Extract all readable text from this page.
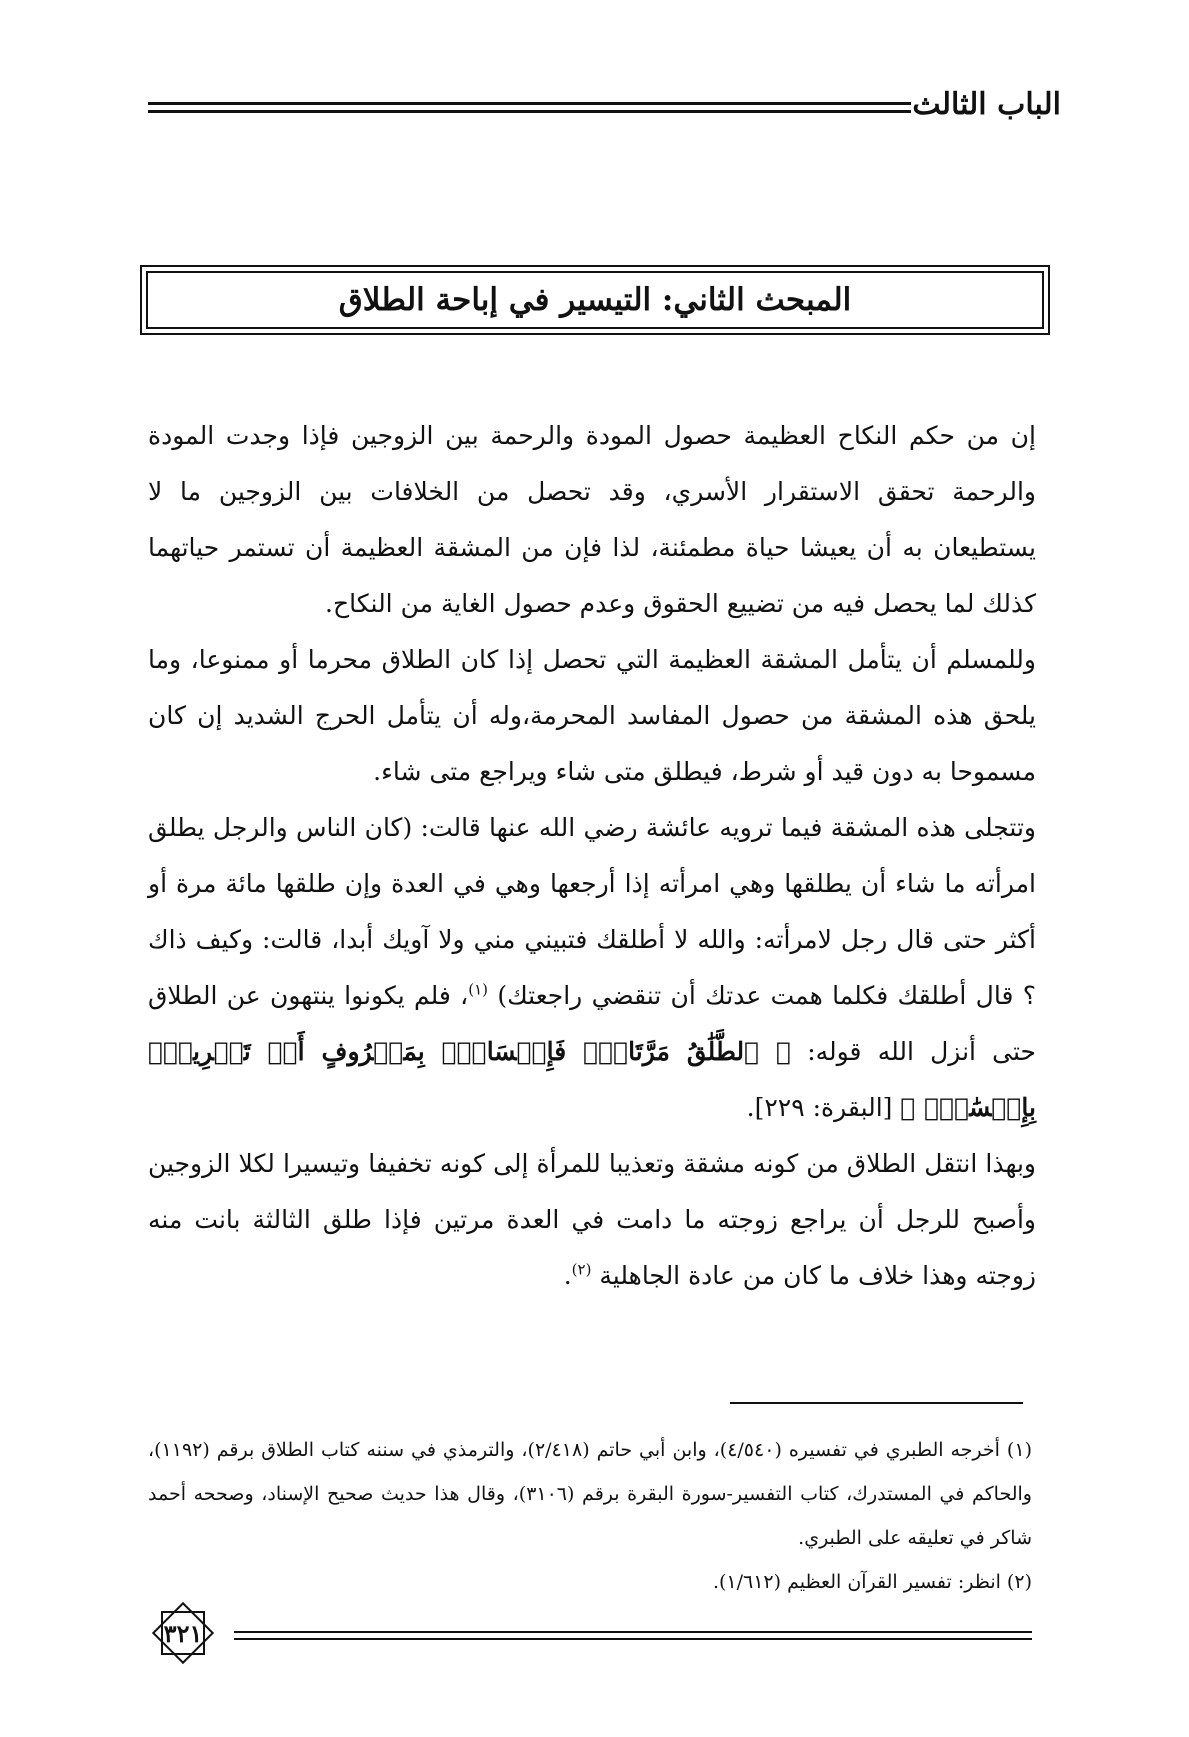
الباب الثالث
المبحث الثاني: التيسير في إباحة الطلاق

إن من حكم النكاح العظيمة حصول المودة والرحمة بين الزوجين فإذا وجدت المودة والرحمة تحقق الاستقرار الأسري، وقد تحصل من الخلافات بين الزوجين ما لا يستطيعان به أن يعيشا حياة مطمئنة، لذا فإن من المشقة العظيمة أن تستمر حياتهما كذلك لما يحصل فيه من تضييع الحقوق وعدم حصول الغاية من النكاح.

وللمسلم أن يتأمل المشقة العظيمة التي تحصل إذا كان الطلاق محرما أو ممنوعا، وما يلحق هذه المشقة من حصول المفاسد المحرمة،وله أن يتأمل الحرج الشديد إن كان مسموحا به دون قيد أو شرط، فيطلق متى شاء ويراجع متى شاء.

وتتجلى هذه المشقة فيما ترويه عائشة رضي الله عنها قالت: (كان الناس والرجل يطلق امرأته ما شاء أن يطلقها وهي امرأته إذا أرجعها وهي في العدة وإن طلقها مائة مرة أو أكثر حتى قال رجل لامرأته: والله لا أطلقك فتبيني مني ولا آويك أبدا، قالت: وكيف ذاك ؟ قال أطلقك فكلما همت عدتك أن تنقضي راجعتك) $^{(١)}$، فلم يكونوا ينتهون عن الطلاق حتى أنزل الله قوله: ﴿ ٱلطَّلَٰقُ مَرَّتَانِۖ فَإِمۡسَاكُۢ بِمَعۡرُوفٍ أَوۡ تَسۡرِيحُۢ بِإِحۡسَٰنٖۗ ﴾ [البقرة: ٢٢٩].

وبهذا انتقل الطلاق من كونه مشقة وتعذيبا للمرأة إلى كونه تخفيفا وتيسيرا لكلا الزوجين وأصبح للرجل أن يراجع زوجته ما دامت في العدة مرتين فإذا طلق الثالثة بانت منه زوجته وهذا خلاف ما كان من عادة الجاهلية $^{(٢)}$.

(١) أخرجه الطبري في تفسيره (٤/٥٤٠)، وابن أبي حاتم (٢/٤١٨)، والترمذي في سننه كتاب الطلاق برقم (١١٩٢)، والحاكم في المستدرك، كتاب التفسير-سورة البقرة برقم (٣١٠٦)، وقال هذا حديث صحيح الإسناد، وصححه أحمد شاكر في تعليقه على الطبري.

(٢) انظر: تفسير القرآن العظيم (١/٦١٢).

٣٢١
